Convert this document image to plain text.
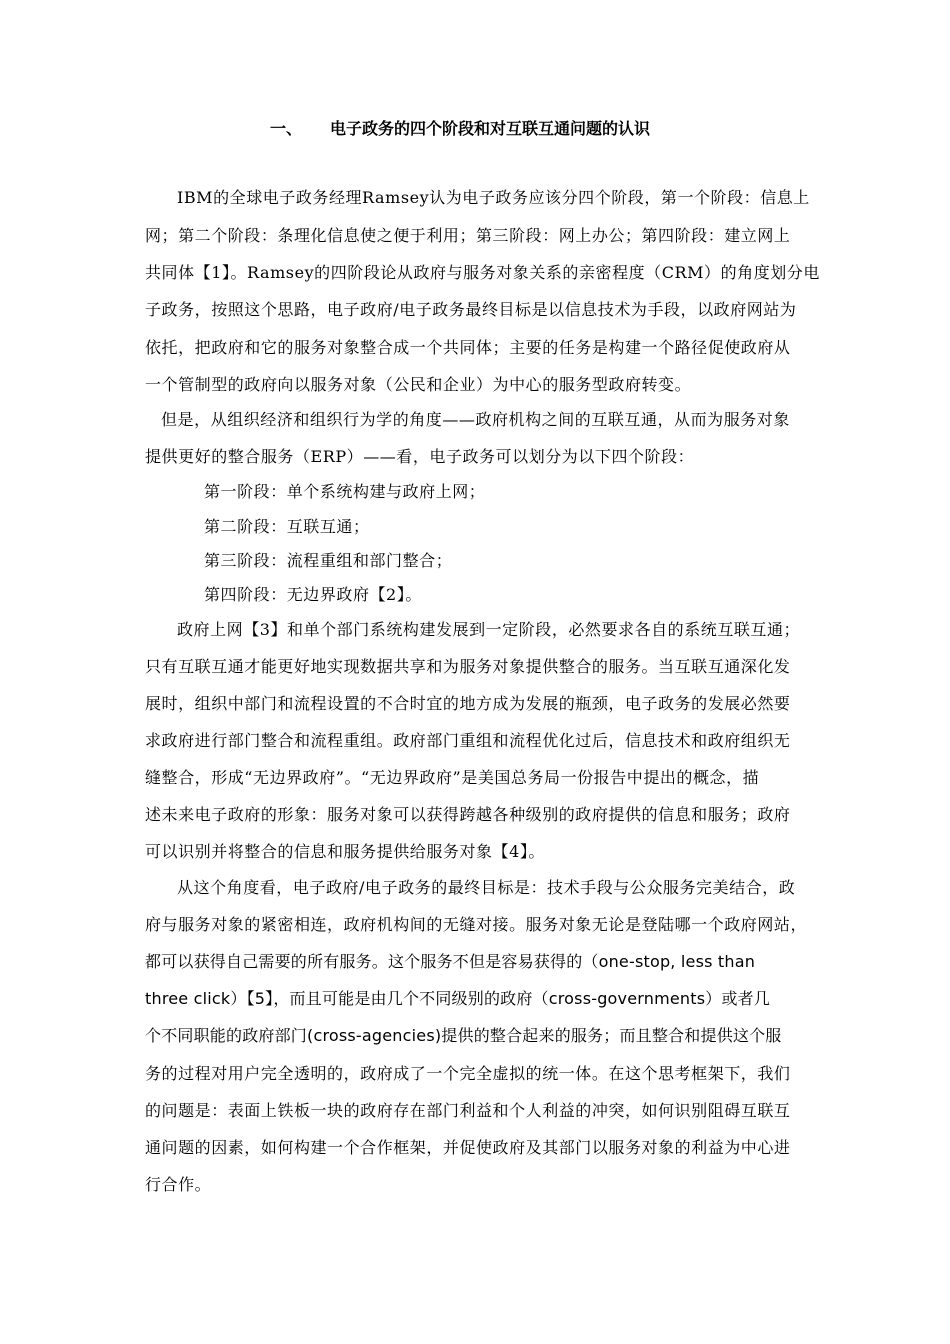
一、 电子政务的四个阶段和对互联互通问题的认识
IBM的全球电子政务经理Ramsey认为电子政务应该分四个阶段，第一个阶段：信息上
网；第二个阶段：条理化信息使之便于利用；第三阶段：网上办公；第四阶段：建立网上
共同体【1】。Ramsey的四阶段论从政府与服务对象关系的亲密程度（CRM）的角度划分电
子政务，按照这个思路，电子政府/电子政务最终目标是以信息技术为手段，以政府网站为
依托，把政府和它的服务对象整合成一个共同体；主要的任务是构建一个路径促使政府从
一个管制型的政府向以服务对象（公民和企业）为中心的服务型政府转变。
但是，从组织经济和组织行为学的角度——政府机构之间的互联互通，从而为服务对象
提供更好的整合服务（ERP）——看，电子政务可以划分为以下四个阶段：
第一阶段：单个系统构建与政府上网；
第二阶段：互联互通；
第三阶段：流程重组和部门整合；
第四阶段：无边界政府【2】。
政府上网【3】和单个部门系统构建发展到一定阶段，必然要求各自的系统互联互通；
只有互联互通才能更好地实现数据共享和为服务对象提供整合的服务。当互联互通深化发
展时，组织中部门和流程设置的不合时宜的地方成为发展的瓶颈，电子政务的发展必然要
求政府进行部门整合和流程重组。政府部门重组和流程优化过后，信息技术和政府组织无
缝整合，形成“无边界政府”。“无边界政府”是美国总务局一份报告中提出的概念，描
述未来电子政府的形象：服务对象可以获得跨越各种级别的政府提供的信息和服务；政府
可以识别并将整合的信息和服务提供给服务对象【4】。
从这个角度看，电子政府/电子政务的最终目标是：技术手段与公众服务完美结合，政
府与服务对象的紧密相连，政府机构间的无缝对接。服务对象无论是登陆哪一个政府网站，
都可以获得自己需要的所有服务。这个服务不但是容易获得的（one-stop, less than
three click）【5】，而且可能是由几个不同级别的政府（cross-governments）或者几
个不同职能的政府部门(cross-agencies)提供的整合起来的服务；而且整合和提供这个服
务的过程对用户完全透明的，政府成了一个完全虚拟的统一体。在这个思考框架下，我们
的问题是：表面上铁板一块的政府存在部门利益和个人利益的冲突，如何识别阻碍互联互
通问题的因素，如何构建一个合作框架，并促使政府及其部门以服务对象的利益为中心进
行合作。
